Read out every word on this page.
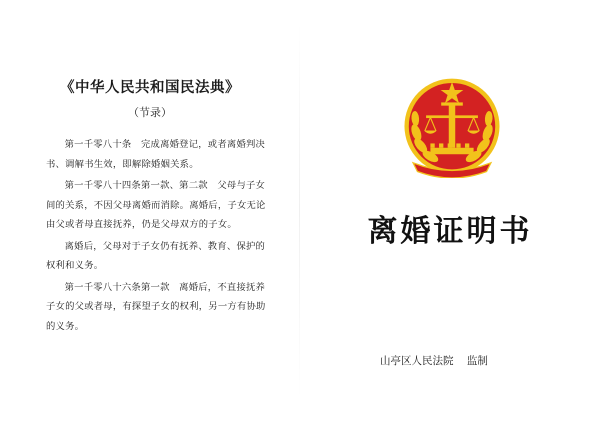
《中华人民共和国民法典》
（节录）

第一千零八十条　完成离婚登记，或者离婚判决书、调解书生效，即解除婚姻关系。

第一千零八十四条第一款、第二款　父母与子女间的关系，不因父母离婚而消除。离婚后，子女无论由父或者母直接抚养，仍是父母双方的子女。

离婚后，父母对于子女仍有抚养、教育、保护的权利和义务。

第一千零八十六条第一款　离婚后，不直接抚养子女的父或者母，有探望子女的权利，另一方有协助的义务。

离婚证明书
山亭区人民法院 监制
